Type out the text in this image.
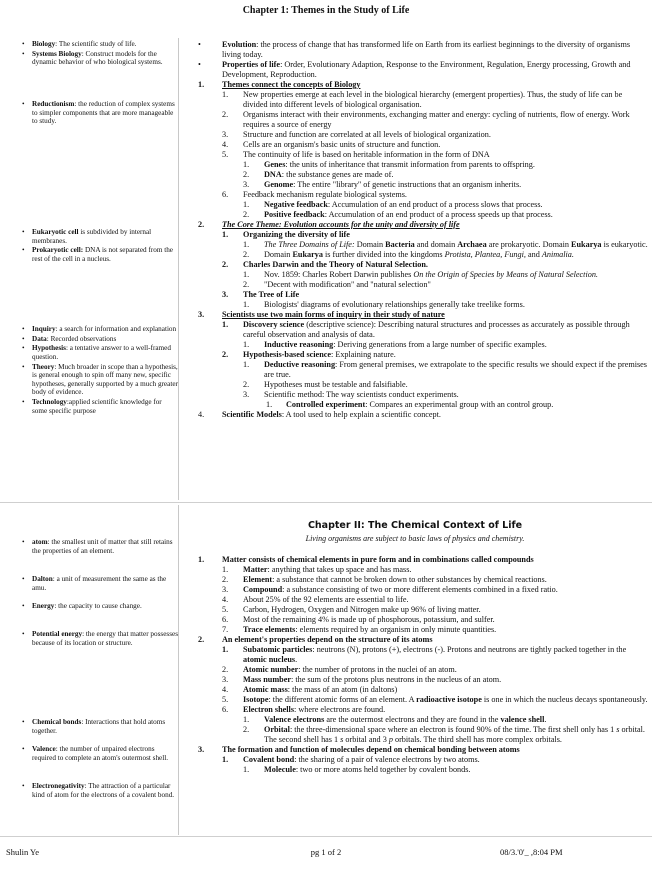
Chapter 1: Themes in the Study of Life
• Biology: The scientific study of life.
• Systems Biology: Construct models for the dynamic behavior of who biological systems.
• Reductionism: the reduction of complex systems to simpler components that are more manageable to study.
• Eukaryotic cell is subdivided by internal membranes.
• Prokaryotic cell: DNA is not separated from the rest of the cell in a nucleus.
• Inquiry: a search for information and explanation
• Data: Recorded observations
• Hypothesis: a tentative answer to a well-framed question.
• Theory: Much broader in scope than a hypothesis, is general enough to spin off many new, specific hypotheses, generally supported by a much greater body of evidence.
• Technology:applied scientific knowledge for some specific purpose
•	Evolution: the process of change that has transformed life on Earth from its earliest beginnings to the diversity of organisms living today.
•	Properties of life: Order, Evolutionary Adaption, Response to the Environment, Regulation, Energy processing, Growth and Development, Reproduction.
1. Themes connect the concepts of Biology
1. New properties emerge at each level in the biological hierarchy (emergent properties). Thus, the study of life can be divided into different levels of biological organisation.
2. Organisms interact with their environments, exchanging matter and energy: cycling of nutrients, flow of energy. Work requires a source of energy
3. Structure and function are correlated at all levels of biological organization.
4. Cells are an organism's basic units of structure and function.
5. The continuity of life is based on heritable information in the form of DNA
1. Genes: the units of inheritance that transmit information from parents to offspring.
2. DNA: the substance genes are made of.
3. Genome: The entire "library" of genetic instructions that an organism inherits.
6. Feedback mechanism regulate biological systems.
1. Negative feedback: Accumulation of an end product of a process slows that process.
2. Positive feedback: Accumulation of an end product of a process speeds up that process.
2. The Core Theme: Evolution accounts for the unity and diversity of life
1. Organizing the diversity of life
1. The Three Domains of Life: Domain Bacteria and domain Archaea are prokaryotic. Domain Eukarya is eukaryotic.
2. Domain Eukarya is further divided into the kingdoms Protista, Plantea, Fungi, and Animalia.
2. Charles Darwin and the Theory of Natural Selection.
1. Nov. 1859: Charles Robert Darwin publishes On the Origin of Species by Means of Natural Selection.
2. "Decent with modification" and "natural selection"
3. The Tree of Life
1. Biologists' diagrams of evolutionary relationships generally take treelike forms.
3. Scientists use two main forms of inquiry in their study of nature
1. Discovery science (descriptive science): Describing natural structures and processes as accurately as possible through careful observation and analysis of data.
1. Inductive reasoning: Deriving generations from a large number of specific examples.
2. Hypothesis-based science: Explaining nature.
1. Deductive reasoning: From general premises, we extrapolate to the specific results we should expect if the premises are true.
2. Hypotheses must be testable and falsifiable.
3. Scientific method: The way scientists conduct experiments.
1. Controlled experiment: Compares an experimental group with an control group.
4. Scientific Models: A tool used to help explain a scientific concept.
• atom: the smallest unit of matter that still retains the properties of an element.
• Dalton: a unit of measurement the same as the amu.
• Energy: the capacity to cause change.
• Potential energy: the energy that matter possesses because of its location or structure.
• Chemical bonds: Interactions that hold atoms together.
• Valence: the number of unpaired electrons required to complete an atom's outermost shell.
• Electronegativity: The attraction of a particular kind of atom for the electrons of a covalent bond.
Chapter II: The Chemical Context of Life
Living organisms are subject to basic laws of physics and chemistry.
1. Matter consists of chemical elements in pure form and in combinations called compounds
1. Matter: anything that takes up space and has mass.
2. Element: a substance that cannot be broken down to other substances by chemical reactions.
3. Compound: a substance consisting of two or more different elements combined in a fixed ratio.
4. About 25% of the 92 elements are essential to life.
5. Carbon, Hydrogen, Oxygen and Nitrogen make up 96% of living matter.
6. Most of the remaining 4% is made up of phosphorous, potassium, and sulfer.
7. Trace elements: elements required by an organism in only minute quantities.
2. An element's properties depend on the structure of its atoms
1. Subatomic particles: neutrons (N), protons (+), electrons (-). Protons and neutrons are tightly packed together in the atomic nucleus.
2. Atomic number: the number of protons in the nuclei of an atom.
3. Mass number: the sum of the protons plus neutrons in the nucleus of an atom.
4. Atomic mass: the mass of an atom (in daltons)
5. Isotope: the different atomic forms of an element. A radioactive isotope is one in which the nucleus decays spontaneously.
6. Electron shells: where electrons are found.
1. Valence electrons are the outermost electrons and they are found in the valence shell.
2. Orbital: the three-dimensional space where an electron is found 90% of the time. The first shell only has 1 s orbital. The second shell has 1 s orbital and 3 p orbitals. The third shell has more complex orbitals.
3. The formation and function of molecules depend on chemical bonding between atoms
1. Covalent bond: the sharing of a pair of valence electrons by two atoms.
1. Molecule: two or more atoms held together by covalent bonds.
Shulin Ye	pg 1 of 2	08/3.'0'_ ,8:04 PM
